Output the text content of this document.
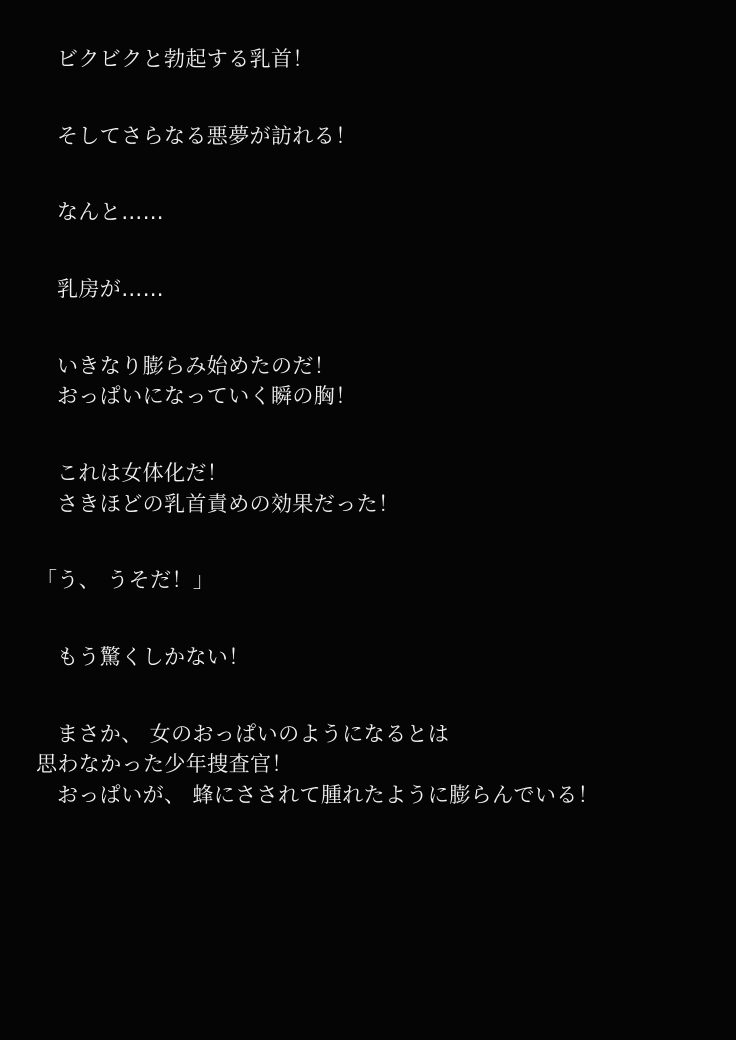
ビクビクと勃起する乳首！

そしてさらなる悪夢が訪れる！

なんと……

乳房が……

いきなり膨らみ始めたのだ！

おっぱいになっていく瞬の胸！

これは女体化だ！

さきほどの乳首責めの効果だった！

「う、 うそだ！」

もう驚くしかない！

まさか、 女のおっぱいのようになるとは

思わなかった少年捜査官！

おっぱいが、 蜂にさされて腫れたように膨らんでいる！
